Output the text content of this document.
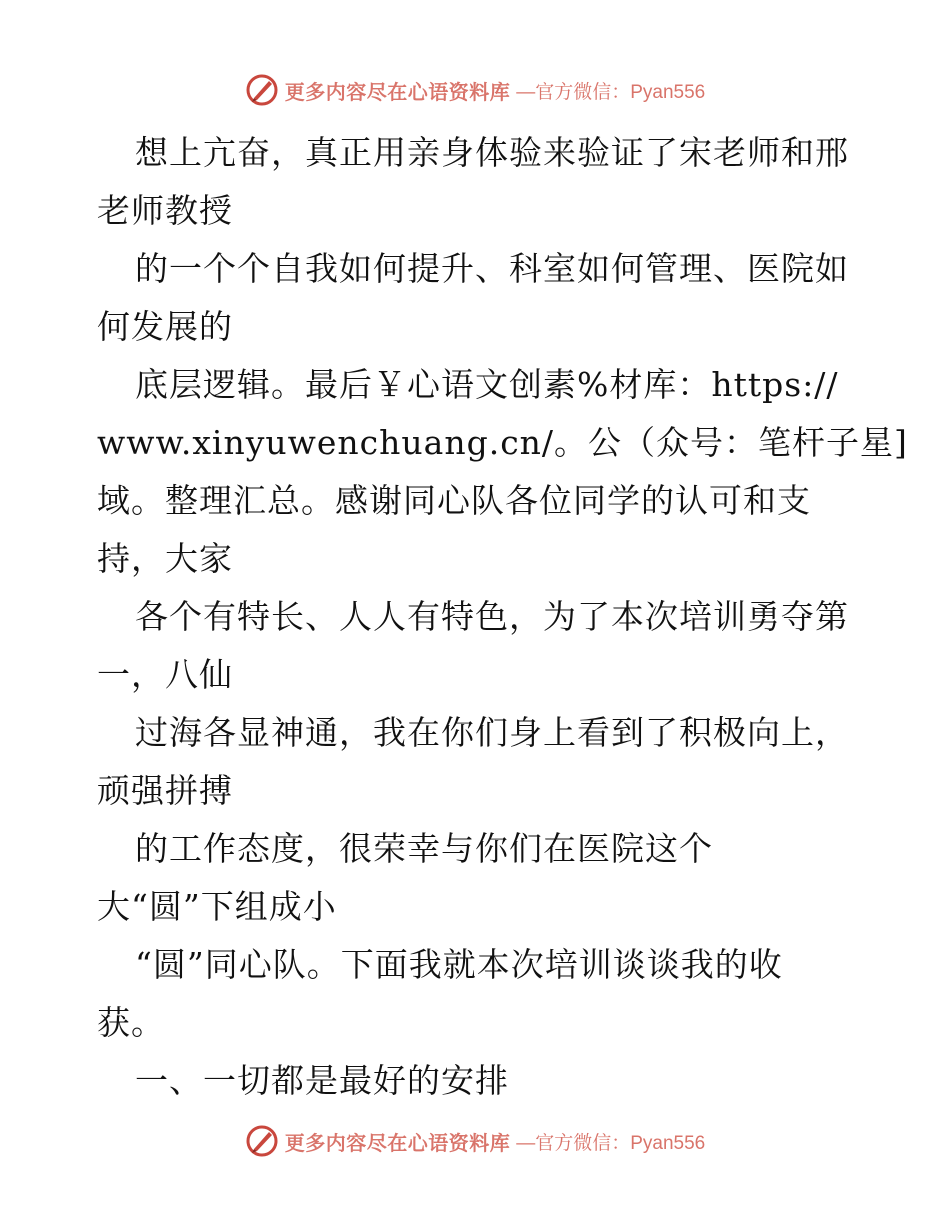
更多内容尽在心语资料库 —官方微信：Pyan556
想上亢奋，真正用亲身体验来验证了宋老师和邢
老师教授
的一个个自我如何提升、科室如何管理、医院如
何发展的
底层逻辑。最后￥心语文创素%材库：https://
www.xinyuwenchuang.cn/。公（众号：笔杆子星]
域。整理汇总。感谢同心队各位同学的认可和支
持，大家
各个有特长、人人有特色，为了本次培训勇夺第
一，八仙
过海各显神通，我在你们身上看到了积极向上，
顽强拼搏
的工作态度，很荣幸与你们在医院这个
大“圆”下组成小
“圆”同心队。下面我就本次培训谈谈我的收
获。
一、一切都是最好的安排
更多内容尽在心语资料库 —官方微信：Pyan556
